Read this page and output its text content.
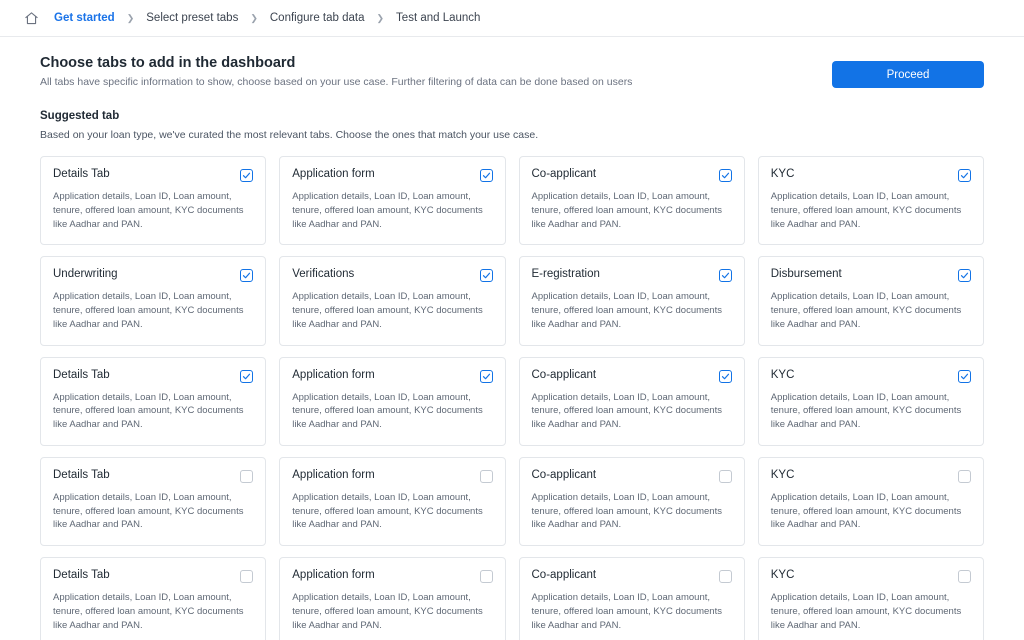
Get started ❯ Select preset tabs ❯ Configure tab data ❯ Test and Launch
Choose tabs to add in the dashboard

All tabs have specific information to show, choose based on your use case. Further filtering of data can be done based on users

Proceed
Suggested tab

Based on your loan type, we've curated the most relevant tabs. Choose the ones that match your use case.

Details Tab
Application details, Loan ID, Loan amount, tenure, offered loan amount, KYC documents like Aadhar and PAN.
Application form
Application details, Loan ID, Loan amount, tenure, offered loan amount, KYC documents like Aadhar and PAN.
Co-applicant
Application details, Loan ID, Loan amount, tenure, offered loan amount, KYC documents like Aadhar and PAN.
KYC
Application details, Loan ID, Loan amount, tenure, offered loan amount, KYC documents like Aadhar and PAN.
Underwriting
Application details, Loan ID, Loan amount, tenure, offered loan amount, KYC documents like Aadhar and PAN.
Verifications
Application details, Loan ID, Loan amount, tenure, offered loan amount, KYC documents like Aadhar and PAN.
E-registration
Application details, Loan ID, Loan amount, tenure, offered loan amount, KYC documents like Aadhar and PAN.
Disbursement
Application details, Loan ID, Loan amount, tenure, offered loan amount, KYC documents like Aadhar and PAN.
Details Tab
Application details, Loan ID, Loan amount, tenure, offered loan amount, KYC documents like Aadhar and PAN.
Application form
Application details, Loan ID, Loan amount, tenure, offered loan amount, KYC documents like Aadhar and PAN.
Co-applicant
Application details, Loan ID, Loan amount, tenure, offered loan amount, KYC documents like Aadhar and PAN.
KYC
Application details, Loan ID, Loan amount, tenure, offered loan amount, KYC documents like Aadhar and PAN.
Details Tab
Application details, Loan ID, Loan amount, tenure, offered loan amount, KYC documents like Aadhar and PAN.
Application form
Application details, Loan ID, Loan amount, tenure, offered loan amount, KYC documents like Aadhar and PAN.
Co-applicant
Application details, Loan ID, Loan amount, tenure, offered loan amount, KYC documents like Aadhar and PAN.
KYC
Application details, Loan ID, Loan amount, tenure, offered loan amount, KYC documents like Aadhar and PAN.
Details Tab
Application details, Loan ID, Loan amount, tenure, offered loan amount, KYC documents like Aadhar and PAN.
Application form
Application details, Loan ID, Loan amount, tenure, offered loan amount, KYC documents like Aadhar and PAN.
Co-applicant
Application details, Loan ID, Loan amount, tenure, offered loan amount, KYC documents like Aadhar and PAN.
KYC
Application details, Loan ID, Loan amount, tenure, offered loan amount, KYC documents like Aadhar and PAN.
